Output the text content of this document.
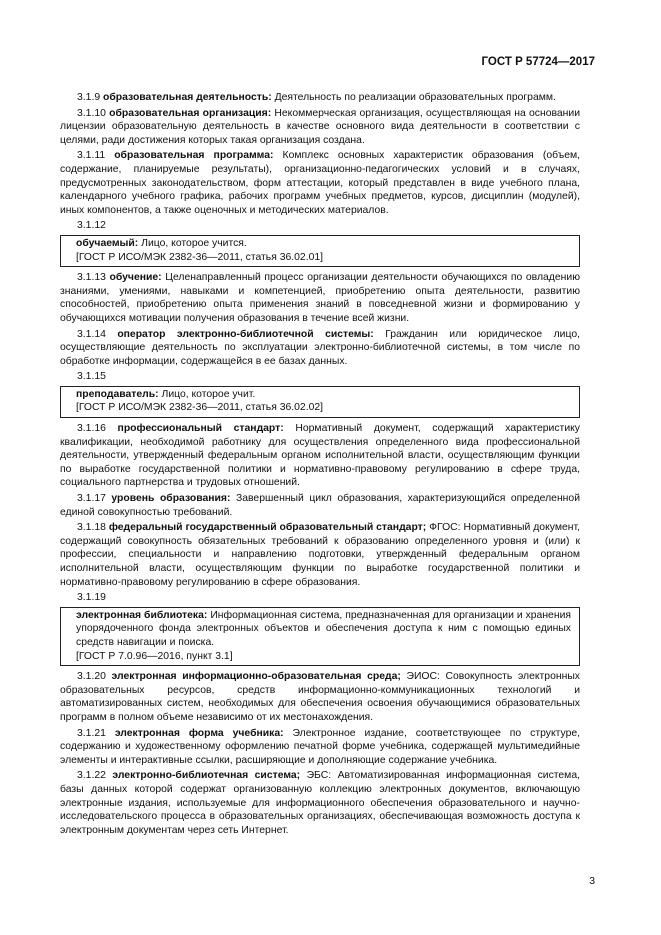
ГОСТ Р 57724—2017

3.1.9 образовательная деятельность: Деятельность по реализации образовательных программ.

3.1.10 образовательная организация: Некоммерческая организация, осуществляющая на основании лицензии образовательную деятельность в качестве основного вида деятельности в соответствии с целями, ради достижения которых такая организация создана.

3.1.11 образовательная программа: Комплекс основных характеристик образования (объем, содержание, планируемые результаты), организационно-педагогических условий и в случаях, предусмотренных законодательством, форм аттестации, который представлен в виде учебного плана, календарного учебного графика, рабочих программ учебных предметов, курсов, дисциплин (модулей), иных компонентов, а также оценочных и методических материалов.

3.1.12
обучаемый: Лицо, которое учится.
[ГОСТ Р ИСО/МЭК 2382-36—2011, статья 36.02.01]

3.1.13 обучение: Целенаправленный процесс организации деятельности обучающихся по овладению знаниями, умениями, навыками и компетенцией, приобретению опыта деятельности, развитию способностей, приобретению опыта применения знаний в повседневной жизни и формированию у обучающихся мотивации получения образования в течение всей жизни.

3.1.14 оператор электронно-библиотечной системы: Гражданин или юридическое лицо, осуществляющие деятельность по эксплуатации электронно-библиотечной системы, в том числе по обработке информации, содержащейся в ее базах данных.

3.1.15
преподаватель: Лицо, которое учит.
[ГОСТ Р ИСО/МЭК 2382-36—2011, статья 36.02.02]

3.1.16 профессиональный стандарт: Нормативный документ, содержащий характеристику квалификации, необходимой работнику для осуществления определенного вида профессиональной деятельности, утвержденный федеральным органом исполнительной власти, осуществляющим функции по выработке государственной политики и нормативно-правовому регулированию в сфере труда, социального партнерства и трудовых отношений.

3.1.17 уровень образования: Завершенный цикл образования, характеризующийся определенной единой совокупностью требований.

3.1.18 федеральный государственный образовательный стандарт; ФГОС: Нормативный документ, содержащий совокупность обязательных требований к образованию определенного уровня и (или) к профессии, специальности и направлению подготовки, утвержденный федеральным органом исполнительной власти, осуществляющим функции по выработке государственной политики и нормативно-правовому регулированию в сфере образования.

3.1.19
электронная библиотека: Информационная система, предназначенная для организации и хранения упорядоченного фонда электронных объектов и обеспечения доступа к ним с помощью единых средств навигации и поиска.
[ГОСТ Р 7.0.96—2016, пункт 3.1]

3.1.20 электронная информационно-образовательная среда; ЭИОС: Совокупность электронных образовательных ресурсов, средств информационно-коммуникационных технологий и автоматизированных систем, необходимых для обеспечения освоения обучающимися образовательных программ в полном объеме независимо от их местонахождения.

3.1.21 электронная форма учебника: Электронное издание, соответствующее по структуре, содержанию и художественному оформлению печатной форме учебника, содержащей мультимедийные элементы и интерактивные ссылки, расширяющие и дополняющие содержание учебника.

3.1.22 электронно-библиотечная система; ЭБС: Автоматизированная информационная система, базы данных которой содержат организованную коллекцию электронных документов, включающую электронные издания, используемые для информационного обеспечения образовательного и научно-исследовательского процесса в образовательных организациях, обеспечивающая возможность доступа к электронным документам через сеть Интернет.

3
